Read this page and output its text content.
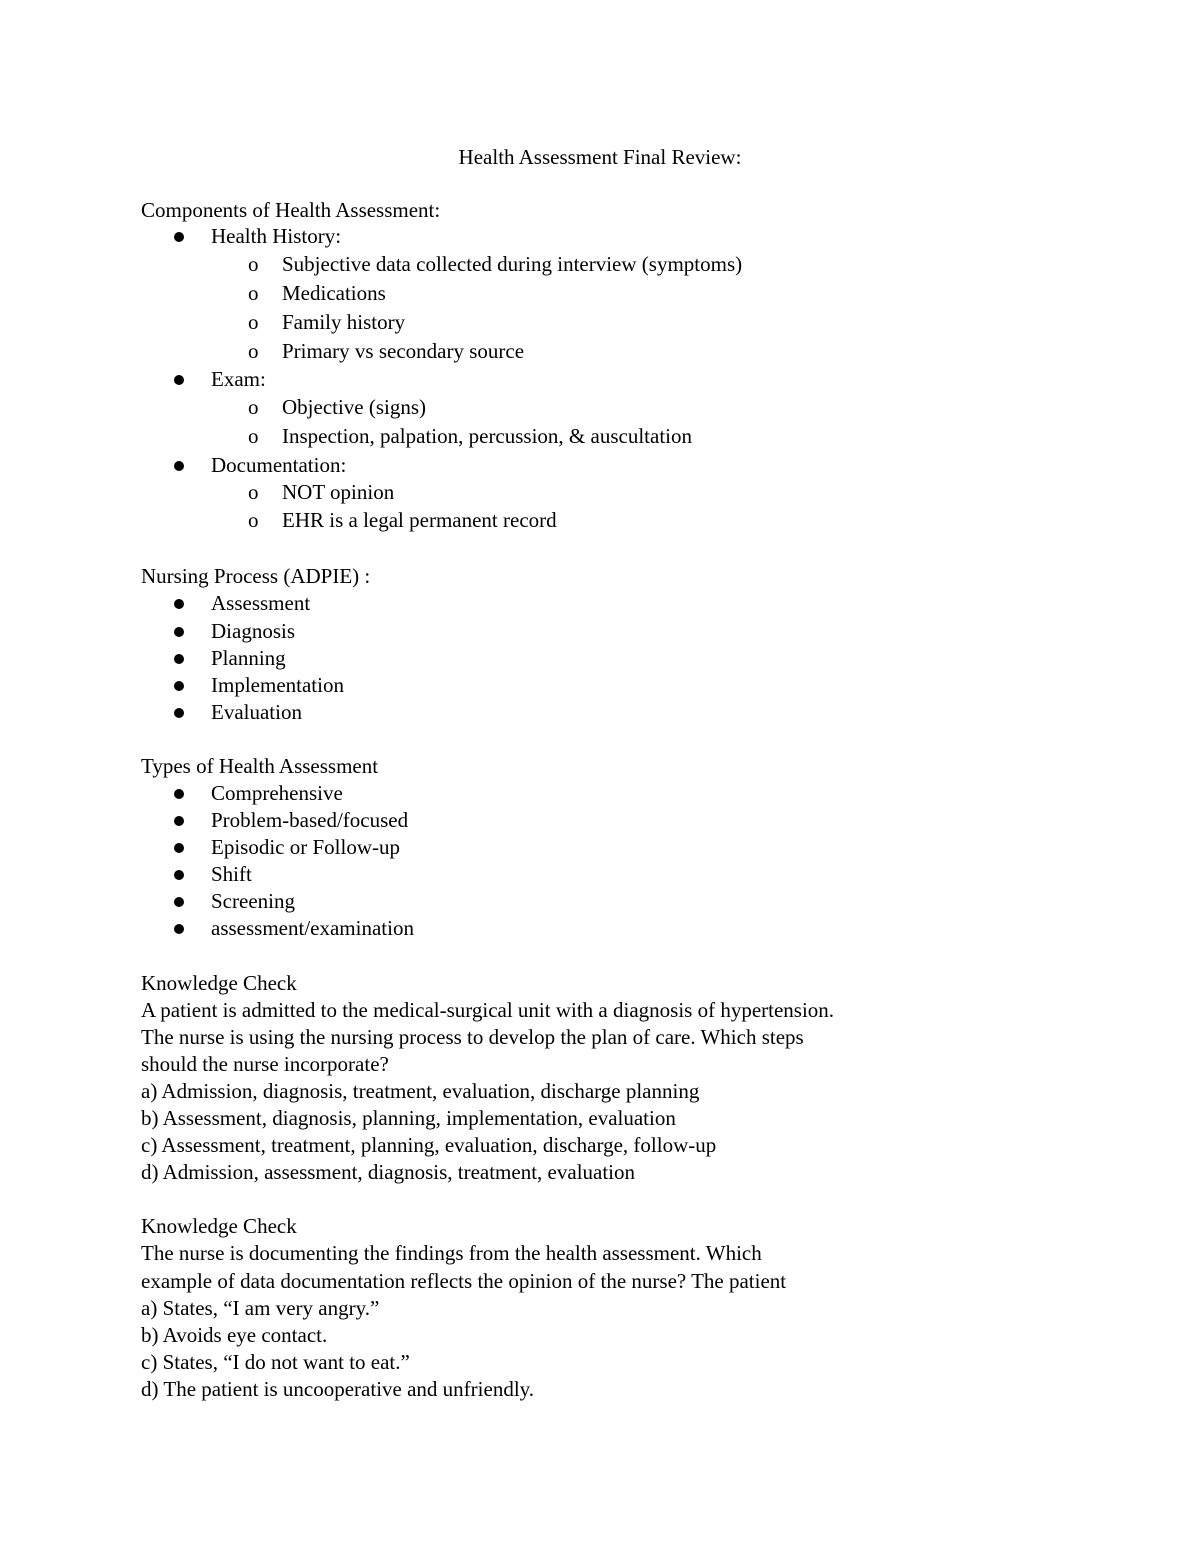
Health Assessment Final Review:
Components of Health Assessment:
Health History:
o Subjective data collected during interview (symptoms)
o Medications
o Family history
o Primary vs secondary source
Exam:
o Objective (signs)
o Inspection, palpation, percussion, & auscultation
Documentation:
o NOT opinion
o EHR is a legal permanent record
Nursing Process (ADPIE) :
Assessment
Diagnosis
Planning
Implementation
Evaluation
Types of Health Assessment
Comprehensive
Problem-based/focused
Episodic or Follow-up
Shift
Screening
assessment/examination
Knowledge Check
A patient is admitted to the medical-surgical unit with a diagnosis of hypertension.
The nurse is using the nursing process to develop the plan of care. Which steps
should the nurse incorporate?
a) Admission, diagnosis, treatment, evaluation, discharge planning
b) Assessment, diagnosis, planning, implementation, evaluation
c) Assessment, treatment, planning, evaluation, discharge, follow-up
d) Admission, assessment, diagnosis, treatment, evaluation
Knowledge Check
The nurse is documenting the findings from the health assessment. Which
example of data documentation reflects the opinion of the nurse? The patient
a) States, “I am very angry.”
b) Avoids eye contact.
c) States, “I do not want to eat.”
d) The patient is uncooperative and unfriendly.
